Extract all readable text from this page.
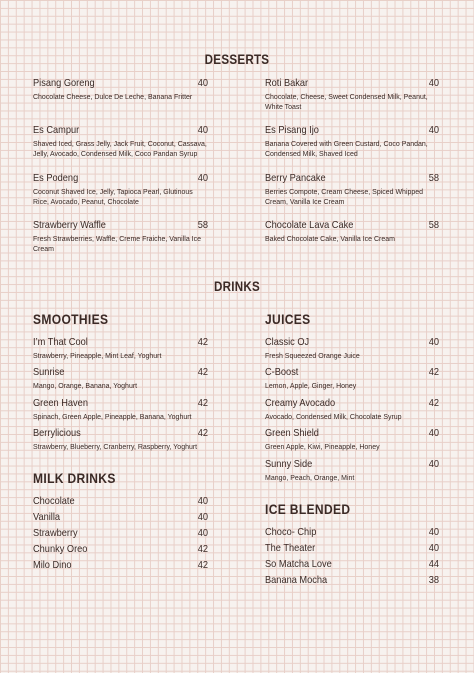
DESSERTS
Pisang Goreng	40
Chocolate Cheese, Dulce De Leche, Banana Fritter
Es Campur	40
Shaved Iced, Grass Jelly, Jack Fruit, Coconut, Cassava, Jelly, Avocado, Condensed Milk, Coco Pandan Syrup
Es Podeng	40
Coconut Shaved Ice, Jelly, Tapioca Pearl, Glutinous Rice, Avocado, Peanut, Chocolate
Strawberry Waffle	58
Fresh Strawberries, Waffle, Creme Fraiche, Vanilla Ice Cream
Roti Bakar	40
Chocolate, Cheese, Sweet Condensed Milk, Peanut, White Toast
Es Pisang Ijo	40
Banana Covered with Green Custard, Coco Pandan, Condensed Milk, Shaved Iced
Berry Pancake	58
Berries Compote, Cream Cheese, Spiced Whipped Cream, Vanilla Ice Cream
Chocolate Lava Cake	58
Baked Chocolate Cake, Vanilla Ice Cream
DRINKS
SMOOTHIES
I’m That Cool	42
Strawberry, Pineapple, Mint Leaf, Yoghurt
Sunrise	42
Mango, Orange, Banana, Yoghurt
Green Haven	42
Spinach, Green Apple, Pineapple, Banana, Yoghurt
Berrylicious	42
Strawberry, Blueberry, Cranberry, Raspberry, Yoghurt
MILK DRINKS
Chocolate	40
Vanilla	40
Strawberry	40
Chunky Oreo	42
Milo Dino	42
JUICES
Classic OJ	40
Fresh Squeezed Orange Juice
C-Boost	42
Lemon, Apple, Ginger, Honey
Creamy Avocado	42
Avocado, Condensed Milk, Chocolate Syrup
Green Shield	40
Green Apple, Kiwi, Pineapple, Honey
Sunny Side	40
Mango, Peach, Orange, Mint
ICE BLENDED
Choco- Chip	40
The Theater	40
So Matcha Love	44
Banana Mocha	38
